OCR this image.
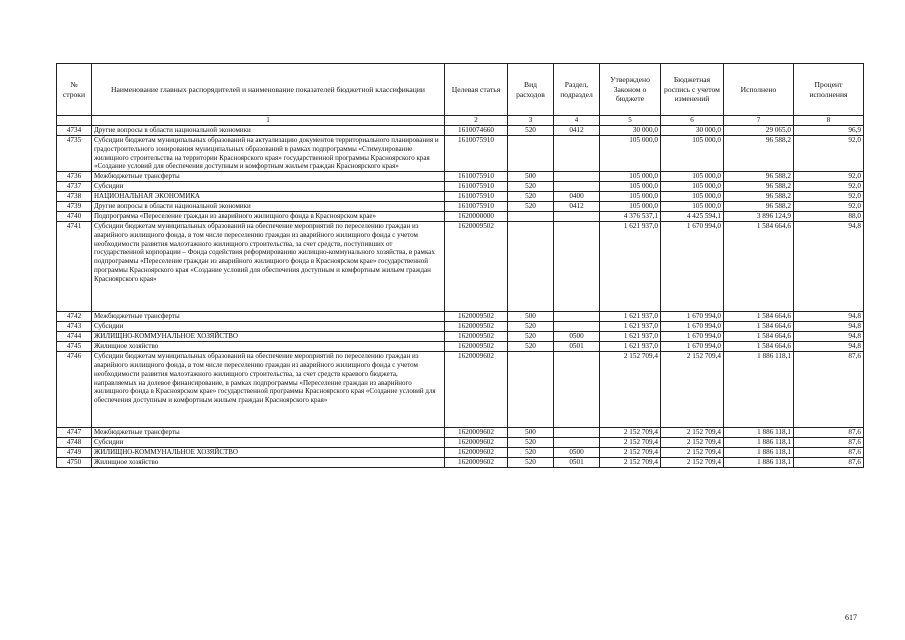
№ строки	Наименование главных распорядителей и наименование показателей бюджетной классификации	Целевая статья	Вид расходов	Раздел, подраздел	Утверждено Законом о бюджете	Бюджетная роспись с учетом изменений	Исполнено	Процент исполнения
	1	2	3	4	5	6	7	8
4734	Другие вопросы в области национальной экономики	1610074660	520	0412	30 000,0	30 000,0	29 065,0	96,9
4735	Субсидии бюджетам муниципальных образований на актуализацию документов территориального планирования и градостроительного зонирования муниципальных образований в рамках подпрограммы «Стимулирование жилищного строительства на территории Красноярского края» государственной программы Красноярского края «Создание условий для обеспечения доступным и комфортным жильем граждан Красноярского края»	1610075910			105 000,0	105 000,0	96 588,2	92,0
4736	Межбюджетные трансферты	1610075910	500		105 000,0	105 000,0	96 588,2	92,0
4737	Субсидии	1610075910	520		105 000,0	105 000,0	96 588,2	92,0
4738	НАЦИОНАЛЬНАЯ ЭКОНОМИКА	1610075910	520	0400	105 000,0	105 000,0	96 588,2	92,0
4739	Другие вопросы в области национальной экономики	1610075910	520	0412	105 000,0	105 000,0	96 588,2	92,0
4740	Подпрограмма «Переселение граждан из аварийного жилищного фонда в Красноярском крае»	1620000000			4 376 537,1	4 425 594,1	3 896 124,9	88,0
4741	Субсидии бюджетам муниципальных образований на обеспечение мероприятий по переселению граждан из аварийного жилищного фонда, в том числе переселению граждан из аварийного жилищного фонда с учетом необходимости развития малоэтажного жилищного строительства, за счет средств, поступивших от государственной корпорации – Фонда содействия реформированию жилищно-коммунального хозяйства, в рамках подпрограммы «Переселение граждан из аварийного жилищного фонда в Красноярском крае» государственной программы Красноярского края «Создание условий для обеспечения доступным и комфортным жильем граждан Красноярского края»	1620009502			1 621 937,0	1 670 994,0	1 584 664,6	94,8
4742	Межбюджетные трансферты	1620009502	500		1 621 937,0	1 670 994,0	1 584 664,6	94,8
4743	Субсидии	1620009502	520		1 621 937,0	1 670 994,0	1 584 664,6	94,8
4744	ЖИЛИЩНО-КОММУНАЛЬНОЕ ХОЗЯЙСТВО	1620009502	520	0500	1 621 937,0	1 670 994,0	1 584 664,6	94,8
4745	Жилищное хозяйство	1620009502	520	0501	1 621 937,0	1 670 994,0	1 584 664,6	94,8
4746	Субсидии бюджетам муниципальных образований на обеспечение мероприятий по переселению граждан из аварийного жилищного фонда, в том числе переселению граждан из аварийного жилищного фонда с учетом необходимости развития малоэтажного жилищного строительства, за счет средств краевого бюджета, направляемых на долевое финансирование, в рамках подпрограммы «Переселение граждан из аварийного жилищного фонда в Красноярском крае» государственной программы Красноярского края «Создание условий для обеспечения доступным и комфортным жильем граждан Красноярского края»	1620009602			2 152 709,4	2 152 709,4	1 886 118,1	87,6
4747	Межбюджетные трансферты	1620009602	500		2 152 709,4	2 152 709,4	1 886 118,1	87,6
4748	Субсидии	1620009602	520		2 152 709,4	2 152 709,4	1 886 118,1	87,6
4749	ЖИЛИЩНО-КОММУНАЛЬНОЕ ХОЗЯЙСТВО	1620009602	520	0500	2 152 709,4	2 152 709,4	1 886 118,1	87,6
4750	Жилищное хозяйство	1620009602	520	0501	2 152 709,4	2 152 709,4	1 886 118,1	87,6
617
